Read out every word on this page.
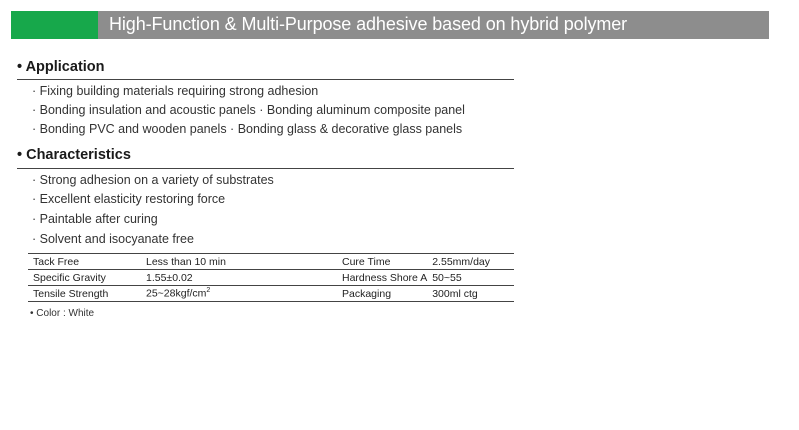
High-Function & Multi-Purpose adhesive based on hybrid polymer
• Application
· Fixing building materials requiring strong adhesion
· Bonding insulation and acoustic panels · Bonding aluminum composite panel
· Bonding PVC and wooden panels · Bonding glass & decorative glass panels
• Characteristics
· Strong adhesion on a variety of substrates
· Excellent elasticity restoring force
· Paintable after curing
· Solvent and isocyanate free
Tack Free	Less than 10 min		Cure Time	2.55mm/day
Specific Gravity	1.55±0.02		Hardness Shore A	50~55
Tensile Strength	$25\sim 28kgf/cm^2$		Packaging	300ml ctg
• Color : White
